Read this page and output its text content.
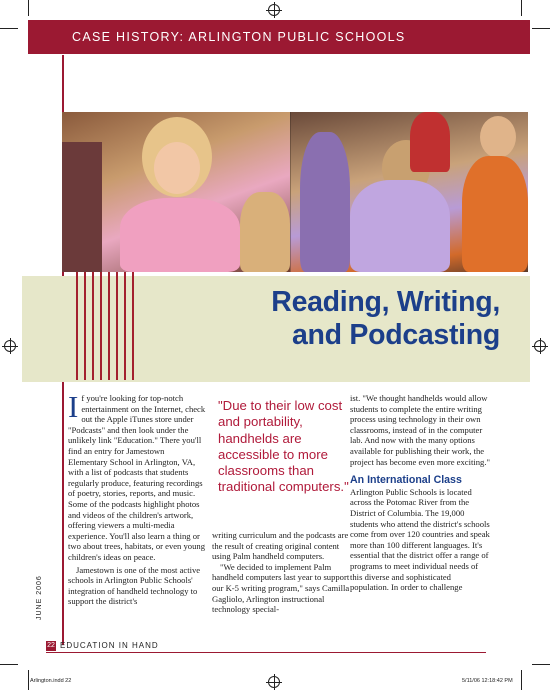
CASE HISTORY: ARLINGTON PUBLIC SCHOOLS
Reading, Writing,
and Podcasting

If you're looking for top-notch entertainment on the Internet, check out the Apple iTunes store under "Podcasts" and then look under the unlikely link "Education." There you'll find an entry for Jamestown Elementary School in Arlington, VA, with a list of podcasts that students regularly produce, featuring recordings of poetry, stories, reports, and music. Some of the podcasts highlight photos and videos of the children's artwork, offering viewers a multi-media experience. You'll also learn a thing or two about trees, habitats, or even young children's ideas on peace.

Jamestown is one of the most active schools in Arlington Public Schools' integration of handheld technology to support the district's

"Due to their low cost and portability, handhelds are accessible to more classrooms than traditional computers."

writing curriculum and the podcasts are the result of creating original content using Palm handheld computers.

"We decided to implement Palm handheld computers last year to support our K-5 writing program," says Camilla Gagliolo, Arlington instructional technology special-

ist. "We thought handhelds would allow students to complete the entire writing process using technology in their own classrooms, instead of in the computer lab. And now with the many options available for publishing their work, the project has become even more exciting."

An International Class

Arlington Public Schools is located across the Potomac River from the District of Columbia. The 19,000 students who attend the district's schools come from over 120 countries and speak more than 100 different languages. It's essential that the district offer a range of programs to meet individual needs of this diverse and sophisticated population. In order to challenge

JUNE 2006
22 EDUCATION IN HAND
Arlington.indd 22	5/11/06 12:18:42 PM
